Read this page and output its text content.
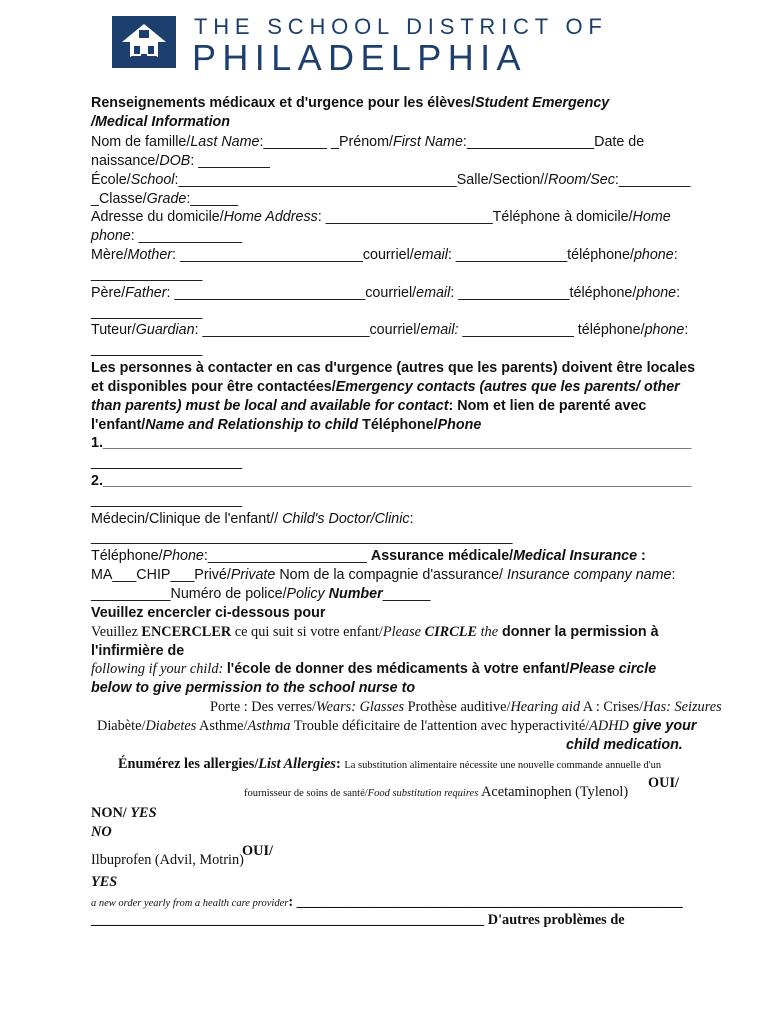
THE SCHOOL DISTRICT OF
PHILADELPHIA
Renseignements médicaux et d'urgence pour les élèves/Student Emergency
/Medical Information
Nom de famille/Last Name:________ _Prénom/First Name:________________Date de
naissance/DOB: _________
École/School:___________________________________Salle/Section//Room/Sec:_________
_Classe/Grade:______
Adresse du domicile/Home Address: _____________________Téléphone à domicile/Home
phone: _____________
Mère/Mother: _______________________courriel/email: ______________téléphone/phone:
______________
Père/Father: ________________________courriel/email: ______________téléphone/phone:
______________
Tuteur/Guardian: _____________________courriel/email: ______________ téléphone/phone:
______________
Les personnes à contacter en cas d'urgence (autres que les parents) doivent être locales
et disponibles pour être contactées/Emergency contacts (autres que les parents/ other
than parents) must be local and available for contact: Nom et lien de parenté avec
l'enfant/Name and Relationship to child Téléphone/Phone
1.__________________________________________________________________________
___________________
2.__________________________________________________________________________
___________________
Médecin/Clinique de l'enfant// Child's Doctor/Clinic:
_____________________________________________________
Téléphone/Phone:____________________ Assurance médicale/Medical Insurance :
MA___CHIP___Privé/Private Nom de la compagnie d'assurance/ Insurance company name:
__________Numéro de police/Policy Number______
Veuillez encercler ci-dessous pour
Veuillez ENCERCLER ce qui suit si votre enfant/Please CIRCLE the donner la permission à
l'infirmière de
following if your child: l'école de donner des médicaments à votre enfant/Please circle
below to give permission to the school nurse to
Porte : Des verres/Wears: Glasses Prothèse auditive/Hearing aid A : Crises/Has: Seizures
Diabète/Diabetes Asthme/Asthma Trouble déficitaire de l'attention avec hyperactivité/ADHD give your
child medication.
Énumérez les allergies/List Allergies: La substitution alimentaire nécessite une nouvelle commande annuelle d'un
OUI/
fournisseur de soins de santé/Food substitution requires Acetaminophen (Tylenol)
NON/ YES
NO
OUI/
Ilbuprofen (Advil, Motrin)
YES
a new order yearly from a health care provider: ______________________________________________________
_______________________________________________________ D'autres problèmes de
